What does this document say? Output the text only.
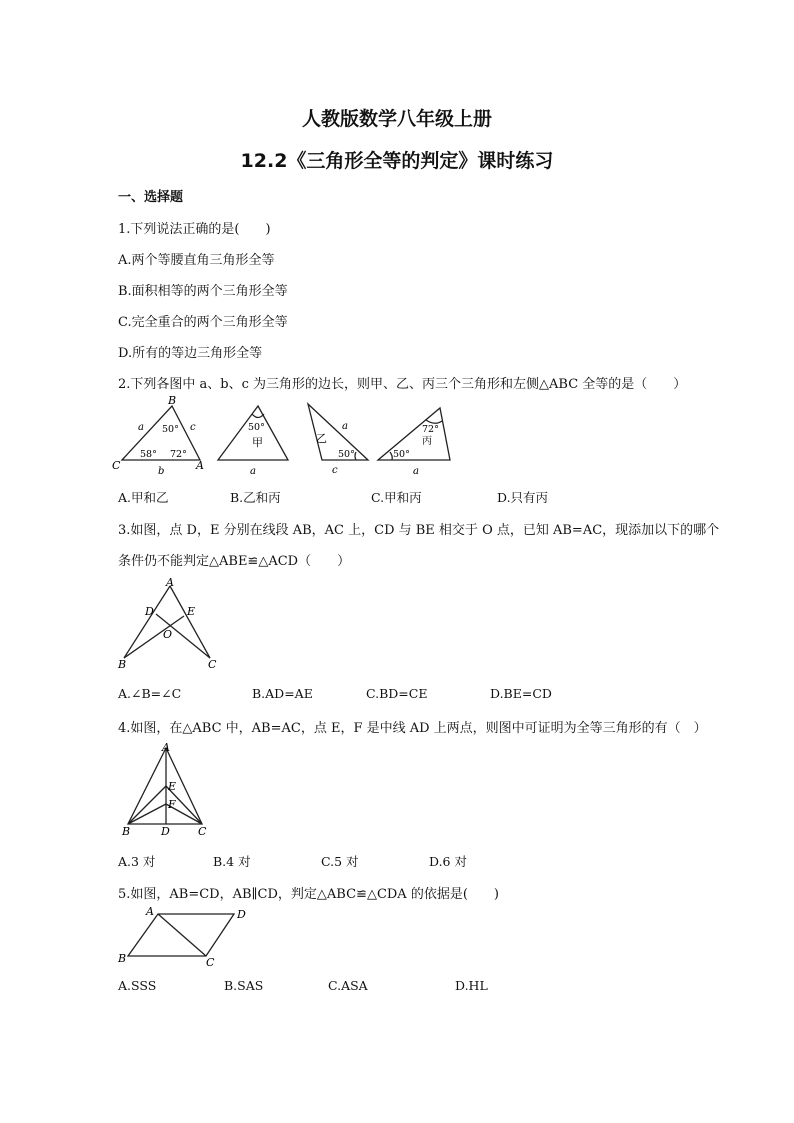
人教版数学八年级上册
12.2《三角形全等的判定》课时练习
一、选择题
1.下列说法正确的是(　　)
A.两个等腰直角三角形全等
B.面积相等的两个三角形全等
C.完全重合的两个三角形全等
D.所有的等边三角形全等
2.下列各图中 a、b、c 为三角形的边长，则甲、乙、丙三个三角形和左侧△ABC 全等的是（　　）
B
C	A
a	c
b
50°
58° 72°
50°
甲
a
乙
a
50°
c
72°
丙
50°
a
A.甲和乙	B.乙和丙	C.甲和丙	D.只有丙
3.如图，点 D，E 分别在线段 AB，AC 上，CD 与 BE 相交于 O 点，已知 AB=AC，现添加以下的哪个
条件仍不能判定△ABE≌△ACD（　　）
A
D	E
O
B	C
A.∠B=∠C	B.AD=AE	C.BD=CE	D.BE=CD
4.如图，在△ABC 中，AB=AC，点 E，F 是中线 AD 上两点，则图中可证明为全等三角形的有（　）
A
E
F
B	D	C
A.3 对	B.4 对	C.5 对	D.6 对
5.如图，AB=CD，AB∥CD，判定△ABC≌△CDA 的依据是(　　)
A	D
B	C
A.SSS	B.SAS	C.ASA	D.HL
